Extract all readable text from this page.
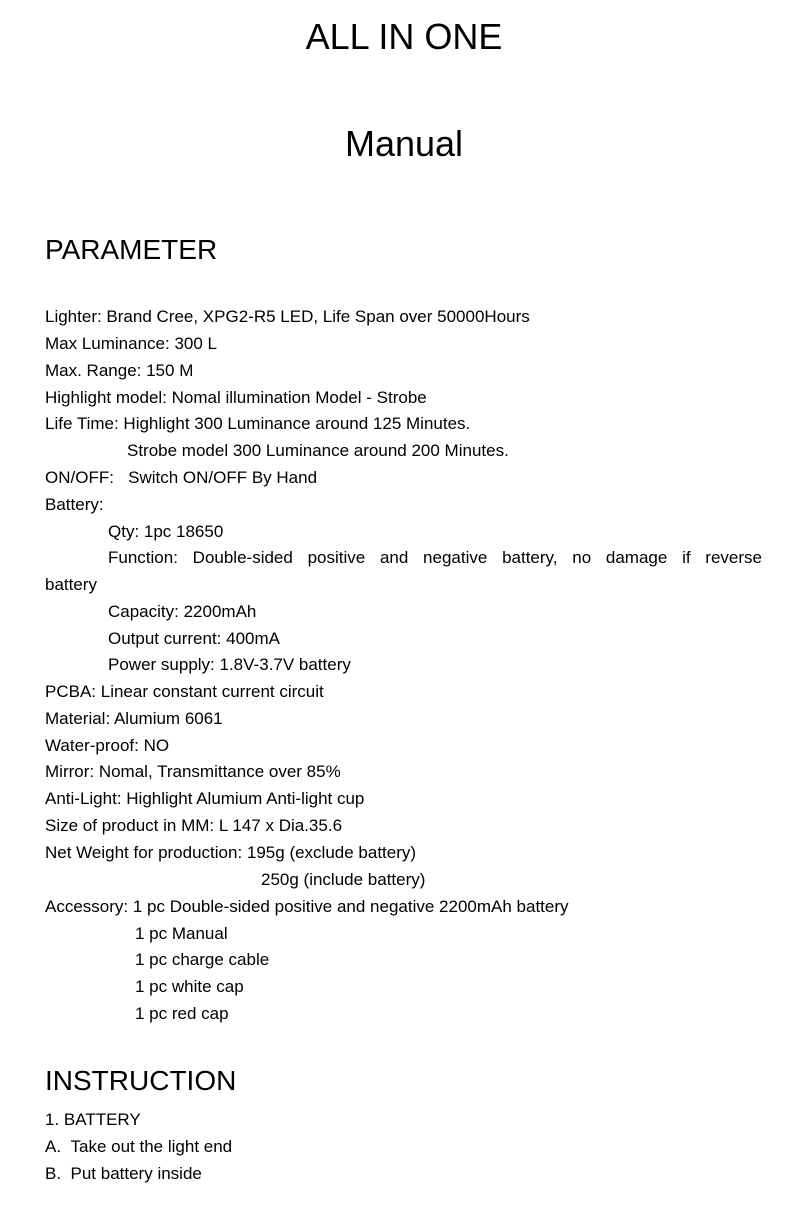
ALL IN ONE
Manual
PARAMETER
Lighter: Brand Cree, XPG2-R5 LED, Life Span over 50000Hours
Max Luminance: 300 L
Max. Range: 150 M
Highlight model: Nomal illumination Model - Strobe
Life Time: Highlight 300 Luminance around 125 Minutes.
Strobe model 300 Luminance around 200 Minutes.
ON/OFF:   Switch ON/OFF By Hand
Battery:
Qty: 1pc 18650
Function: Double-sided positive and negative battery, no damage if reverse
battery
Capacity: 2200mAh
Output current: 400mA
Power supply: 1.8V-3.7V battery
PCBA: Linear constant current circuit
Material: Alumium 6061
Water-proof: NO
Mirror: Nomal, Transmittance over 85%
Anti-Light: Highlight Alumium Anti-light cup
Size of product in MM: L 147 x Dia.35.6
Net Weight for production: 195g (exclude battery)
250g (include battery)
Accessory: 1 pc Double-sided positive and negative 2200mAh battery
1 pc Manual
1 pc charge cable
1 pc white cap
1 pc red cap
INSTRUCTION
1. BATTERY
A.  Take out the light end
B.  Put battery inside
